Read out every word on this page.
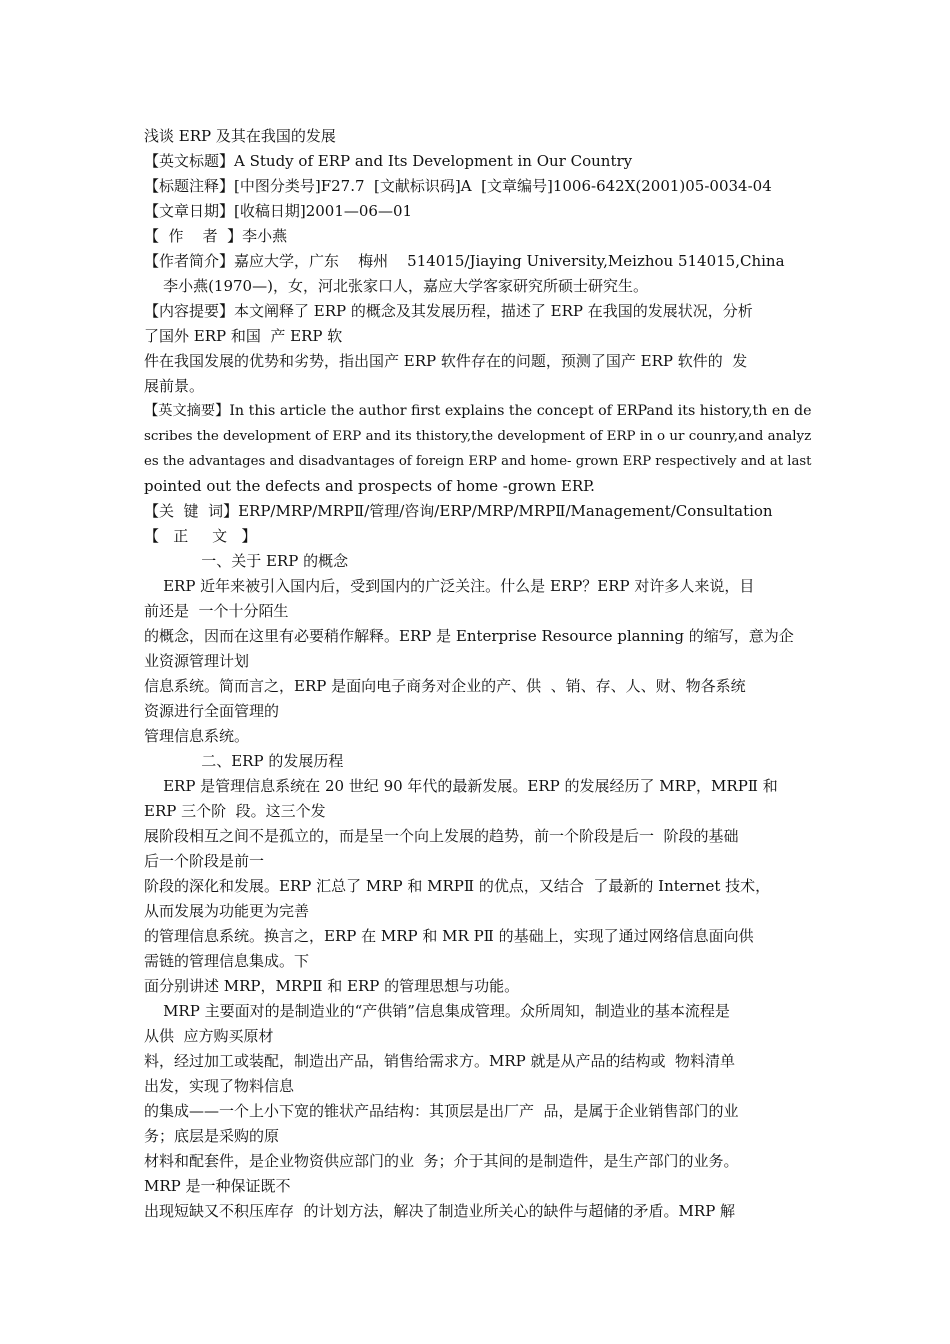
浅谈 ERP 及其在我国的发展
【英文标题】A Study of ERP and Its Development in Our Country
【标题注释】[中图分类号]F27.7  [文献标识码]A  [文章编号]1006-642X(2001)05-0034-04
【文章日期】[收稿日期]2001—06—01
【  作    者  】李小燕
【作者简介】嘉应大学，广东    梅州    514015/Jiaying University,Meizhou 514015,China
李小燕(1970—)，女，河北张家口人，嘉应大学客家研究所硕士研究生。
【内容提要】本文阐释了 ERP 的概念及其发展历程，描述了 ERP 在我国的发展状况，分析
了国外 ERP 和国  产 ERP 软
件在我国发展的优势和劣势，指出国产 ERP 软件存在的问题，预测了国产 ERP 软件的  发
展前景。
【英文摘要】In this article the author first explains the concept of ERPand its history,th en de
scribes the development of ERP and its thistory,the development of ERP in o ur counry,and analyz
es the advantages and disadvantages of foreign ERP and home- grown ERP respectively and at last
pointed out the defects and prospects of home -grown ERP.
【关  键  词】ERP/MRP/MRPⅡ/管理/咨询/ERP/MRP/MRPⅡ/Management/Consultation
【   正     文   】
一、关于 ERP 的概念
ERP 近年来被引入国内后，受到国内的广泛关注。什么是 ERP？ERP 对许多人来说，目
前还是  一个十分陌生
的概念，因而在这里有必要稍作解释。ERP 是 Enterprise Resource planning 的缩写，意为企
业资源管理计划
信息系统。简而言之，ERP 是面向电子商务对企业的产、供  、销、存、人、财、物各系统
资源进行全面管理的
管理信息系统。
二、ERP 的发展历程
ERP 是管理信息系统在 20 世纪 90 年代的最新发展。ERP 的发展经历了 MRP，MRPⅡ 和
ERP 三个阶  段。这三个发
展阶段相互之间不是孤立的，而是呈一个向上发展的趋势，前一个阶段是后一  阶段的基础
后一个阶段是前一
阶段的深化和发展。ERP 汇总了 MRP 和 MRPⅡ 的优点，又结合  了最新的 Internet 技术，
从而发展为功能更为完善
的管理信息系统。换言之，ERP 在 MRP 和 MR PⅡ 的基础上，实现了通过网络信息面向供
需链的管理信息集成。下
面分别讲述 MRP，MRPⅡ 和 ERP 的管理思想与功能。
MRP 主要面对的是制造业的“产供销”信息集成管理。众所周知，制造业的基本流程是
从供  应方购买原材
料，经过加工或装配，制造出产品，销售给需求方。MRP 就是从产品的结构或  物料清单
出发，实现了物料信息
的集成——一个上小下宽的锥状产品结构：其顶层是出厂产  品，是属于企业销售部门的业
务；底层是采购的原
材料和配套件，是企业物资供应部门的业  务；介于其间的是制造件，是生产部门的业务。
MRP 是一种保证既不
出现短缺又不积压库存  的计划方法，解决了制造业所关心的缺件与超储的矛盾。MRP 解
